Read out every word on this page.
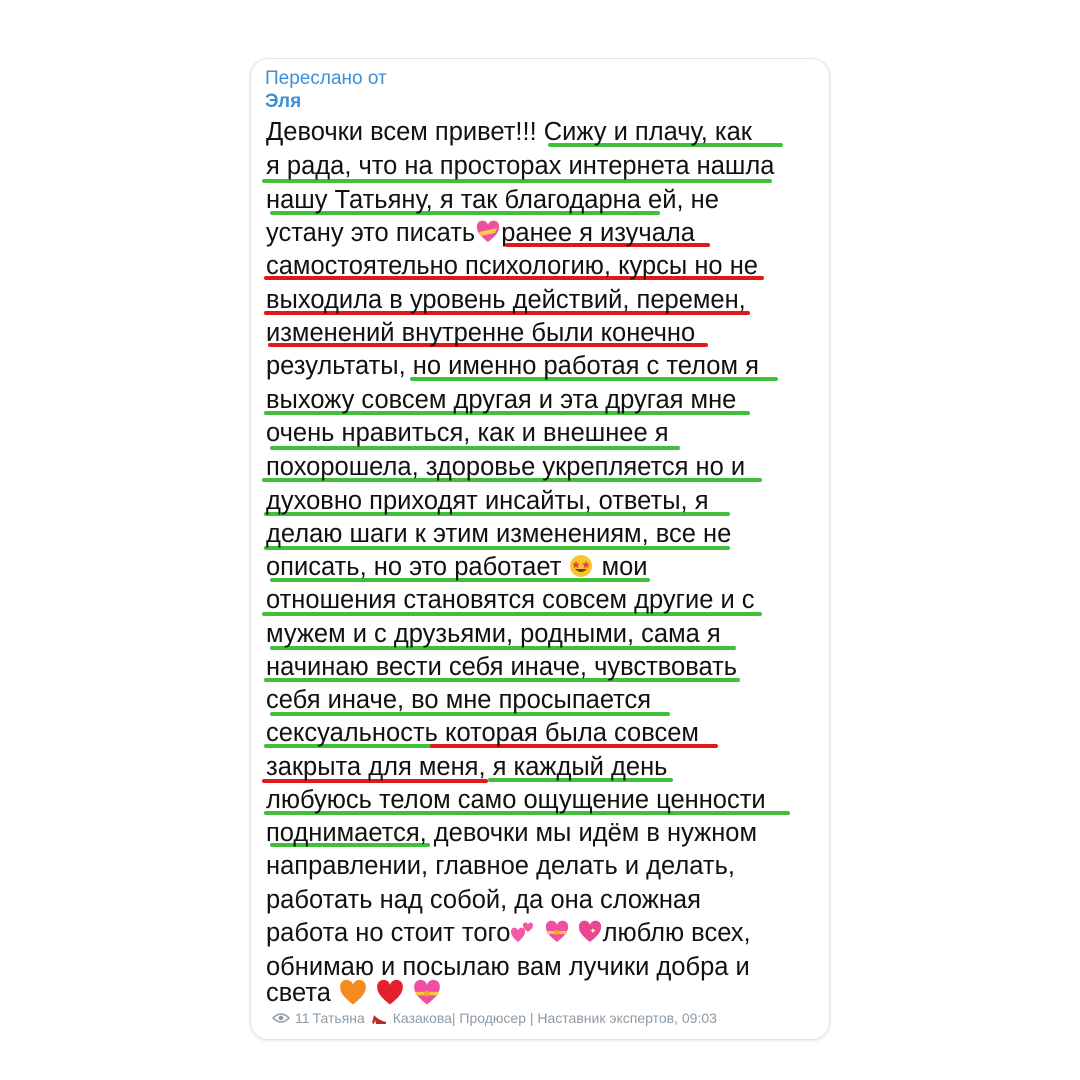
Переслано от
Эля
Девочки всем привет!!! Сижу и плачу, как
я рада, что на просторах интернета нашла
нашу Татьяну, я так благодарна ей, не
устану это писать ранее я изучала
самостоятельно психологию, курсы но не
выходила в уровень действий, перемен,
изменений внутренне были конечно
результаты, но именно работая с телом я
выхожу совсем другая и эта другая мне
очень нравиться, как и внешнее я
похорошела, здоровье укрепляется но и
духовно приходят инсайты, ответы, я
делаю шаги к этим изменениям, все не
описать, но это работает мои
отношения становятся совсем другие и с
мужем и с друзьями, родными, сама я
начинаю вести себя иначе, чувствовать
себя иначе, во мне просыпается
сексуальность которая была совсем
закрыта для меня, я каждый день
любуюсь телом само ощущение ценности
поднимается, девочки мы идём в нужном
направлении, главное делать и делать,
работать над собой, да она сложная
работа но стоит того	люблю всех,
обнимаю и посылаю вам лучики добра и
света
11 Татьяна Казакова| Продюсер | Наставник экспертов, 09:03
